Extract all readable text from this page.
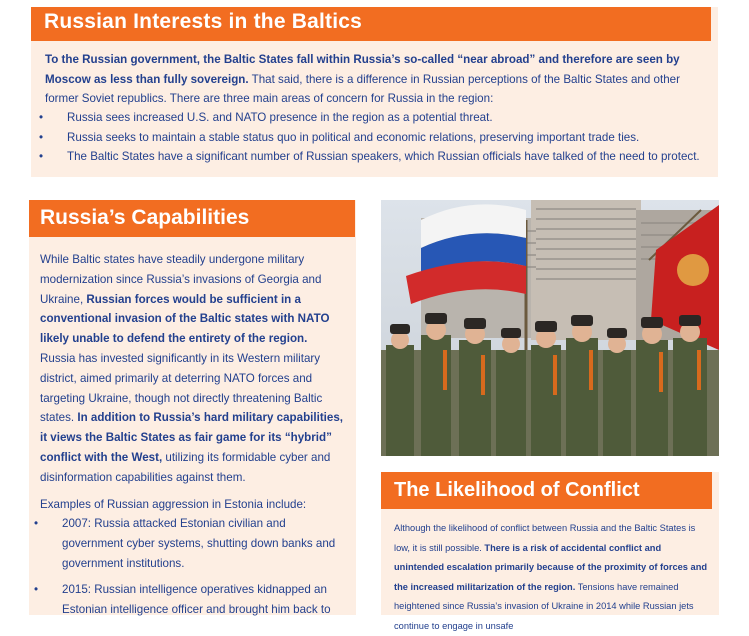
Russian Interests in the Baltics

To the Russian government, the Baltic States fall within Russia’s so-called “near abroad” and therefore are seen by Moscow as less than fully sovereign. That said, there is a difference in Russian perceptions of the Baltic States and other former Soviet republics. There are three main areas of concern for Russia in the region:

• Russia sees increased U.S. and NATO presence in the region as a potential threat.
• Russia seeks to maintain a stable status quo in political and economic relations, preserving important trade ties.
• The Baltic States have a significant number of Russian speakers, which Russian officials have talked of the need to protect.
Russia’s Capabilities

While Baltic states have steadily undergone military modernization since Russia’s invasions of Georgia and Ukraine, Russian forces would be sufficient in a conventional invasion of the Baltic states with NATO likely unable to defend the entirety of the region. Russia has invested significantly in its Western military district, aimed primarily at deterring NATO forces and targeting Ukraine, though not directly threatening Baltic states. In addition to Russia’s hard military capabilities, it views the Baltic States as fair game for its “hybrid” conflict with the West, utilizing its formidable cyber and disinformation capabilities against them.

Examples of Russian aggression in Estonia include:

• 2007: Russia attacked Estonian civilian and government cyber systems, shutting down banks and government institutions.
• 2015: Russian intelligence operatives kidnapped an Estonian intelligence officer and brought him back to
The Likelihood of Conflict

Although the likelihood of conflict between Russia and the Baltic States is low, it is still possible. There is a risk of accidental conflict and unintended escalation primarily because of the proximity of forces and the increased militarization of the region. Tensions have remained heightened since Russia’s invasion of Ukraine in 2014 while Russian jets continue to engage in unsafe
